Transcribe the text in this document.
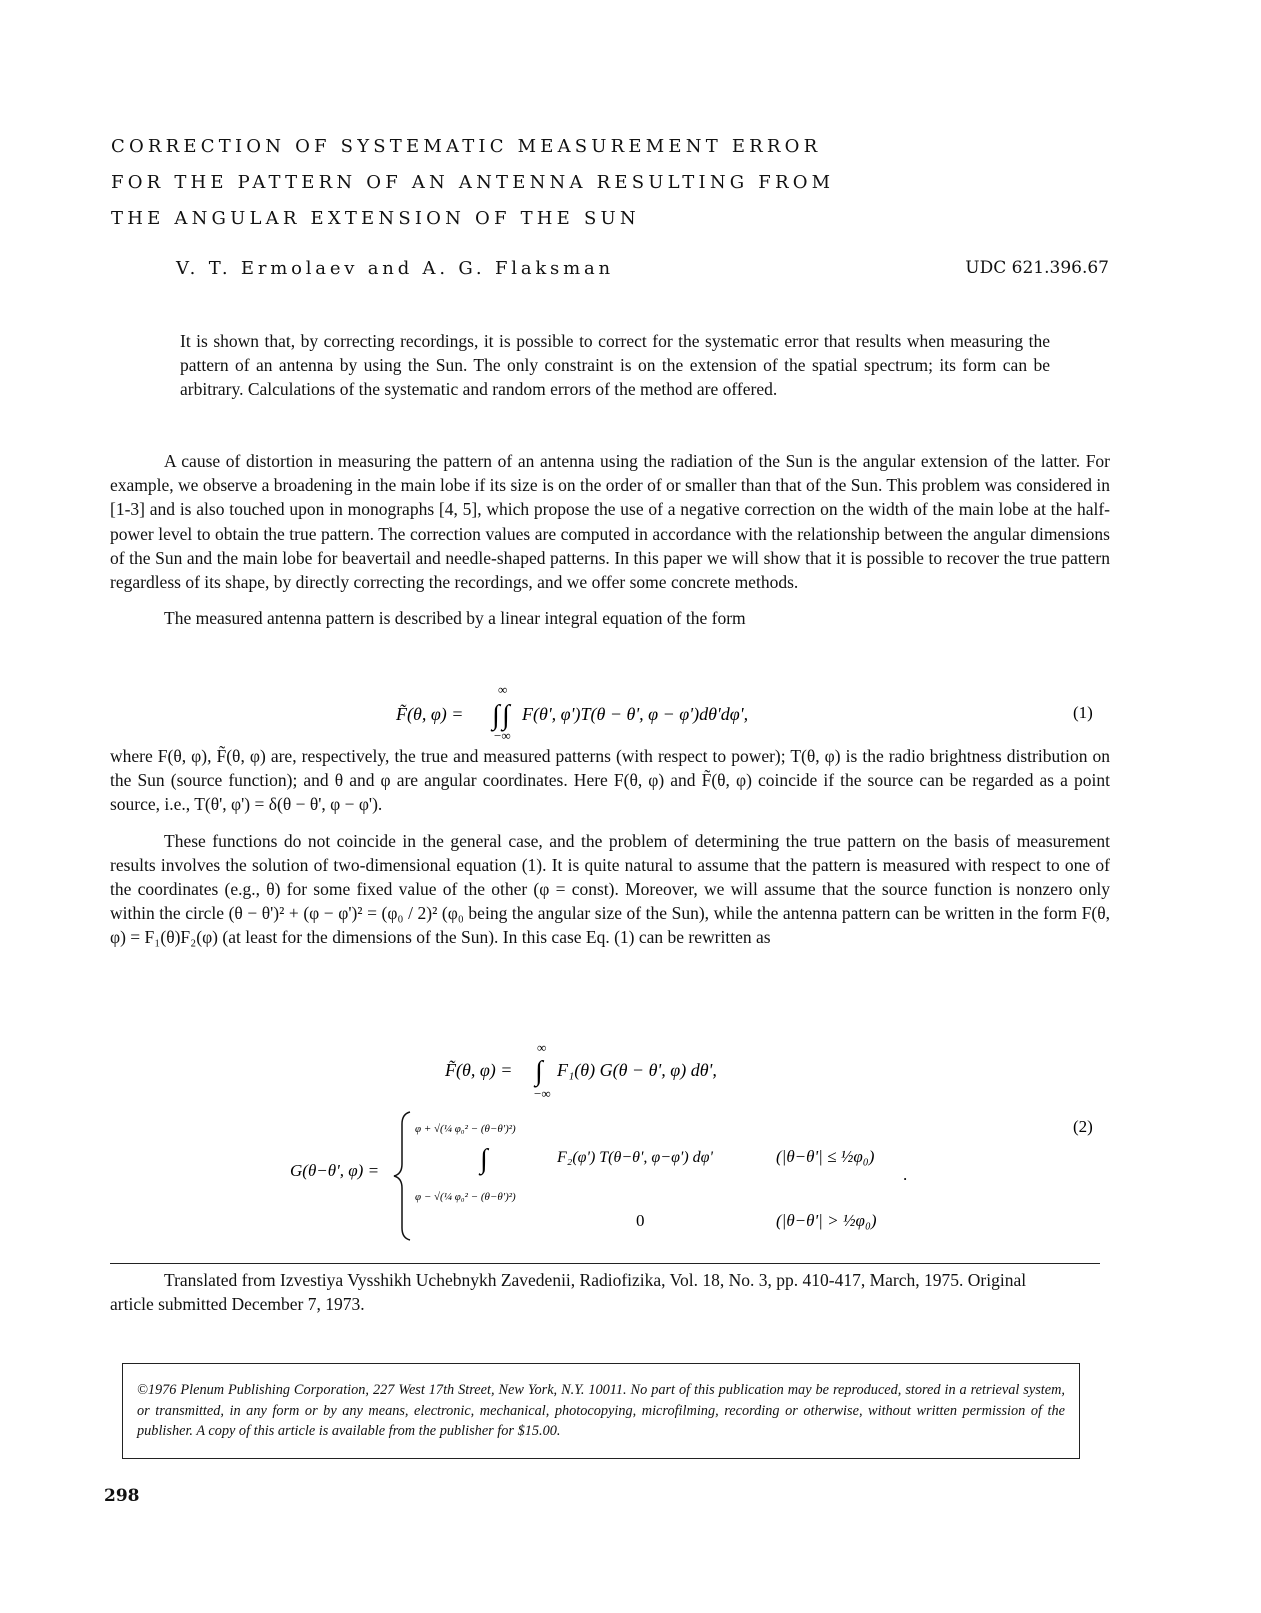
CORRECTION OF SYSTEMATIC MEASUREMENT ERROR
FOR THE PATTERN OF AN ANTENNA RESULTING FROM
THE ANGULAR EXTENSION OF THE SUN
V. T. Ermolaev and A. G. Flaksman	UDC 621.396.67

It is shown that, by correcting recordings, it is possible to correct for the systematic error that results when measuring the pattern of an antenna by using the Sun. The only constraint is on the extension of the spatial spectrum; its form can be arbitrary. Calculations of the systematic and random errors of the method are offered.

A cause of distortion in measuring the pattern of an antenna using the radiation of the Sun is the angular extension of the latter. For example, we observe a broadening in the main lobe if its size is on the order of or smaller than that of the Sun. This problem was considered in [1-3] and is also touched upon in monographs [4, 5], which propose the use of a negative correction on the width of the main lobe at the half-power level to obtain the true pattern. The correction values are computed in accordance with the relationship between the angular dimensions of the Sun and the main lobe for beavertail and needle-shaped patterns. In this paper we will show that it is possible to recover the true pattern regardless of its shape, by directly correcting the recordings, and we offer some concrete methods.

The measured antenna pattern is described by a linear integral equation of the form

F̃(θ, φ) =
∞
∫ ∫
−∞
F(θ', φ')T(θ − θ', φ − φ')dθ'dφ',	(1)

where F(θ, φ), F̃(θ, φ) are, respectively, the true and measured patterns (with respect to power); T(θ, φ) is the radio brightness distribution on the Sun (source function); and θ and φ are angular coordinates. Here F(θ, φ) and F̃(θ, φ) coincide if the source can be regarded as a point source, i.e., T(θ', φ') = δ(θ − θ', φ − φ').

These functions do not coincide in the general case, and the problem of determining the true pattern on the basis of measurement results involves the solution of two-dimensional equation (1). It is quite natural to assume that the pattern is measured with respect to one of the coordinates (e.g., θ) for some fixed value of the other (φ = const). Moreover, we will assume that the source function is nonzero only within the circle (θ − θ')² + (φ − φ')² = (φ₀ / 2)² (φ₀ being the angular size of the Sun), while the antenna pattern can be written in the form F(θ, φ) = F₁(θ)F₂(φ) (at least for the dimensions of the Sun). In this case Eq. (1) can be rewritten as

F̃(θ, φ) =
∞
∫
−∞
F₁(θ) G(θ − θ', φ) dθ',
(2)
G(θ−θ', φ) =
φ + √(¼ φ₀² − (θ−θ')²)
∫
φ − √(¼ φ₀² − (θ−θ')²)
F₂(φ') T(θ−θ', φ−φ') dφ'	(|θ−θ'| ≤ ½φ₀)
.
0	(|θ−θ'| > ½φ₀)

Translated from Izvestiya Vysshikh Uchebnykh Zavedenii, Radiofizika, Vol. 18, No. 3, pp. 410-417, March, 1975. Original article submitted December 7, 1973.

©1976 Plenum Publishing Corporation, 227 West 17th Street, New York, N.Y. 10011. No part of this publication may be reproduced, stored in a retrieval system, or transmitted, in any form or by any means, electronic, mechanical, photocopying, microfilming, recording or otherwise, without written permission of the publisher. A copy of this article is available from the publisher for $15.00.

298
